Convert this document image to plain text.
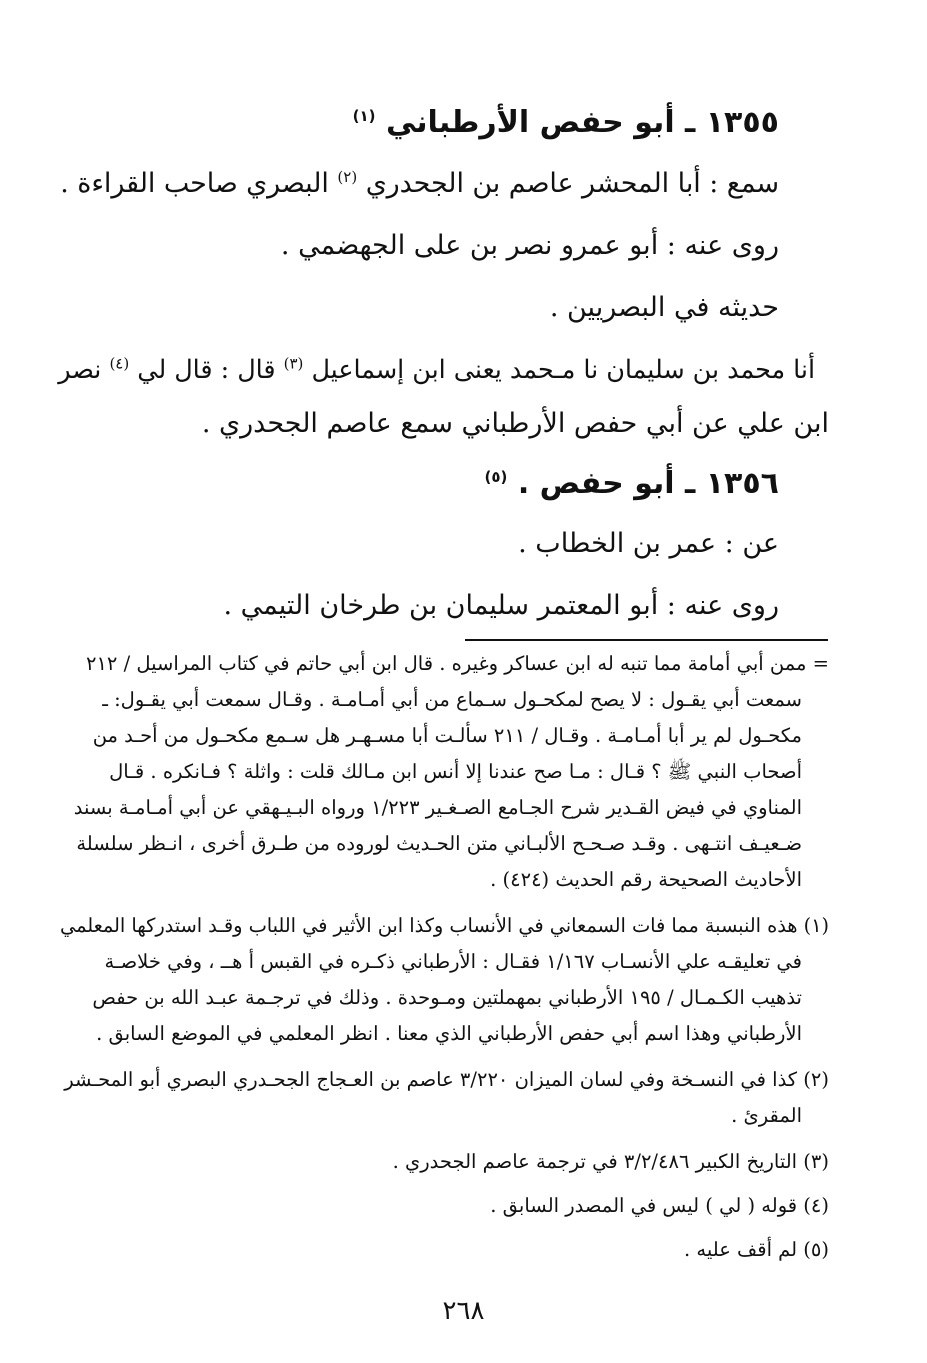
١٣٥٥ ـ أبو حفص الأرطباني $^{(١)}$
سمع : أبا المحشر عاصم بن الجحدري $^{(٢)}$ البصري صاحب القراءة .
روى عنه : أبو عمرو نصر بن على الجهضمي .
حديثه في البصريين .
أنا محمد بن سليمان نا مـحمد يعنى ابن إسماعيل $^{(٣)}$ قال : قال لي $^{(٤)}$ نصر
ابن علي عن أبي حفص الأرطباني سمع عاصم الجحدري .
١٣٥٦ ـ أبو حفص . $^{(٥)}$
عن : عمر بن الخطاب .
روى عنه : أبو المعتمر سليمان بن طرخان التيمي .
= ممن أبي أمامة مما تنبه له ابن عساكر وغيره . قال ابن أبي حاتم في كتاب المراسيل / ٢١٢
سمعت أبي يقـول : لا يصح لمكحـول سـماع من أبي أمـامـة . وقـال سمعت أبي يقـول: ـ
مكحـول لم ير أبا أمـامـة . وقـال / ٢١١ سألـت أبا مسـهـر هل سـمع مكحـول من أحـد من
أصحاب النبي ﷺ ؟ قـال : مـا صح عندنا إلا أنس ابن مـالك قلت : واثلة ؟ فـانكره . قـال
المناوي في فيض القـدير شرح الجـامع الصـغـير ١/٢٢٣ ورواه البـيـهقي عن أبي أمـامـة بسند
ضـعيـف انتـهى . وقـد صـحـح الألبـاني متن الحـديث لوروده من طـرق أخرى ، انـظر سلسلة
الأحاديث الصحيحة رقم الحديث (٤٢٤) .
(١) هذه النبسبة مما فات السمعاني في الأنساب وكذا ابن الأثير في اللباب وقـد استدركها المعلمي
في تعليقـه علي الأنسـاب ١/١٦٧ فقـال : الأرطباني ذكـره في القبس أ هــ ، وفي خلاصـة
تذهيب الكـمـال / ١٩٥ الأرطباني بمهملتين ومـوحدة . وذلك في ترجـمة عبـد الله بن حفص
الأرطباني وهذا اسم أبي حفص الأرطباني الذي معنا . انظر المعلمي في الموضع السابق .
(٢) كذا في النسـخة وفي لسان الميزان ٣/٢٢٠ عاصم بن العـجاج الجحـدري البصري أبو المحـشر
المقرئ .
(٣) التاريخ الكبير ٣/٢/٤٨٦ في ترجمة عاصم الجحدري .
(٤) قوله ( لي ) ليس في المصدر السابق .
(٥) لم أقف عليه .
٢٦٨
